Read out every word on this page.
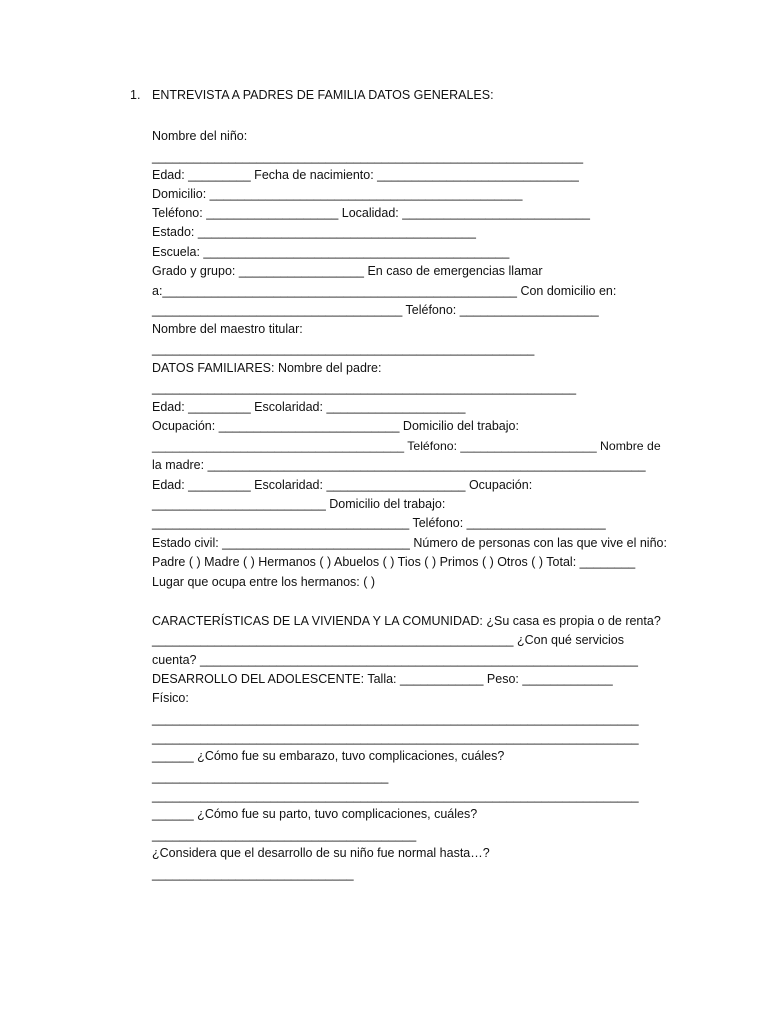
1. ENTREVISTA A PADRES DE FAMILIA DATOS GENERALES:
Nombre del niño:
______________________________________________________________
Edad: _________ Fecha de nacimiento: _____________________________
Domicilio: _____________________________________________
Teléfono: ___________________ Localidad: ___________________________
Estado: ________________________________________
Escuela: ____________________________________________
Grado y grupo: __________________ En caso de emergencias llamar
a:___________________________________________________ Con domicilio en:
____________________________________ Teléfono: ____________________
Nombre del maestro titular:
_______________________________________________________
DATOS FAMILIARES: Nombre del padre:
_____________________________________________________________
Edad: _________ Escolaridad: ____________________
Ocupación: __________________________ Domicilio del trabajo:
_____________________________________ Teléfono: ____________________ Nombre de
la madre: _______________________________________________________________
Edad: _________ Escolaridad: ____________________ Ocupación:
_________________________ Domicilio del trabajo:
_____________________________________ Teléfono: ____________________
Estado civil: ___________________________ Número de personas con las que vive el niño:
Padre ( ) Madre ( ) Hermanos ( ) Abuelos ( ) Tios ( ) Primos ( ) Otros ( ) Total: ________
Lugar que ocupa entre los hermanos: ( )
CARACTERÍSTICAS DE LA VIVIENDA Y LA COMUNIDAD: ¿Su casa es propia o de renta?
____________________________________________________ ¿Con qué servicios
cuenta? _______________________________________________________________
DESARROLLO DEL ADOLESCENTE: Talla: ____________ Peso: _____________
Físico:
______________________________________________________________________
______________________________________________________________________
______ ¿Cómo fue su embarazo, tuvo complicaciones, cuáles?
__________________________________
______________________________________________________________________
______ ¿Cómo fue su parto, tuvo complicaciones, cuáles?
______________________________________
¿Considera que el desarrollo de su niño fue normal hasta…?
_____________________________
